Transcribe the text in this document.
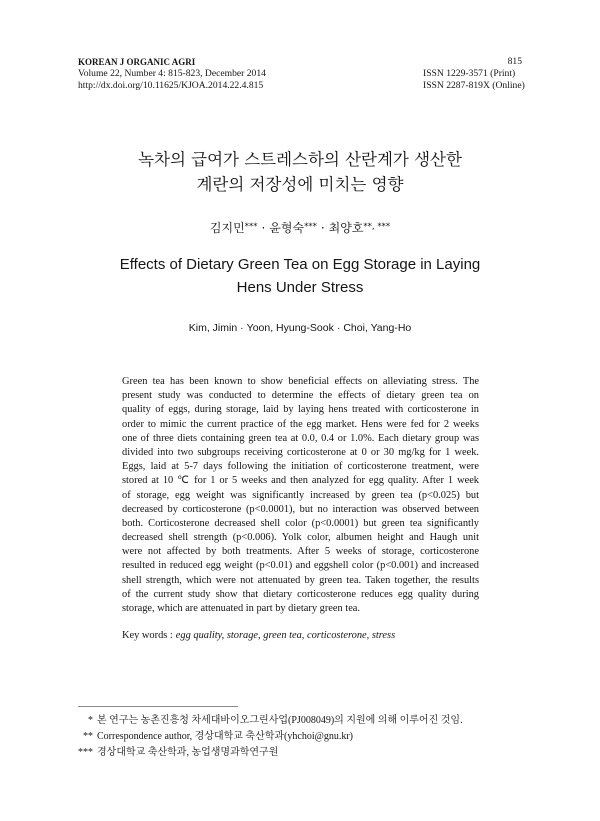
KOREAN J ORGANIC AGRI
Volume 22, Number 4: 815-823, December 2014
http://dx.doi.org/10.11625/KJOA.2014.22.4.815
815
ISSN 1229-3571 (Print)
ISSN 2287-819X (Online)
녹차의 급여가 스트레스하의 산란계가 생산한
계란의 저장성에 미치는 영향
김지민*** · 윤형숙*** · 최양호**, ***
Effects of Dietary Green Tea on Egg Storage in Laying
Hens Under Stress
Kim, Jimin · Yoon, Hyung-Sook · Choi, Yang-Ho
Green tea has been known to show beneficial effects on alleviating stress. The
present study was conducted to determine the effects of dietary green tea on
quality of eggs, during storage, laid by laying hens treated with corticosterone in
order to mimic the current practice of the egg market. Hens were fed for 2 weeks
one of three diets containing green tea at 0.0, 0.4 or 1.0%. Each dietary group was
divided into two subgroups receiving corticosterone at 0 or 30 mg/kg for 1 week.
Eggs, laid at 5-7 days following the initiation of corticosterone treatment, were
stored at 10 ℃ for 1 or 5 weeks and then analyzed for egg quality. After 1 week
of storage, egg weight was significantly increased by green tea (p<0.025) but
decreased by corticosterone (p<0.0001), but no interaction was observed between
both. Corticosterone decreased shell color (p<0.0001) but green tea significantly
decreased shell strength (p<0.006). Yolk color, albumen height and Haugh unit
were not affected by both treatments. After 5 weeks of storage, corticosterone
resulted in reduced egg weight (p<0.01) and eggshell color (p<0.001) and increased
shell strength, which were not attenuated by green tea. Taken together, the results
of the current study show that dietary corticosterone reduces egg quality during
storage, which are attenuated in part by dietary green tea.
Key words : egg quality, storage, green tea, corticosterone, stress
* 본 연구는 농촌진흥청 차세대바이오그린사업(PJ008049)의 지원에 의해 이루어진 것임.
** Correspondence author, 경상대학교 축산학과(yhchoi@gnu.kr)
*** 경상대학교 축산학과, 농업생명과학연구원
